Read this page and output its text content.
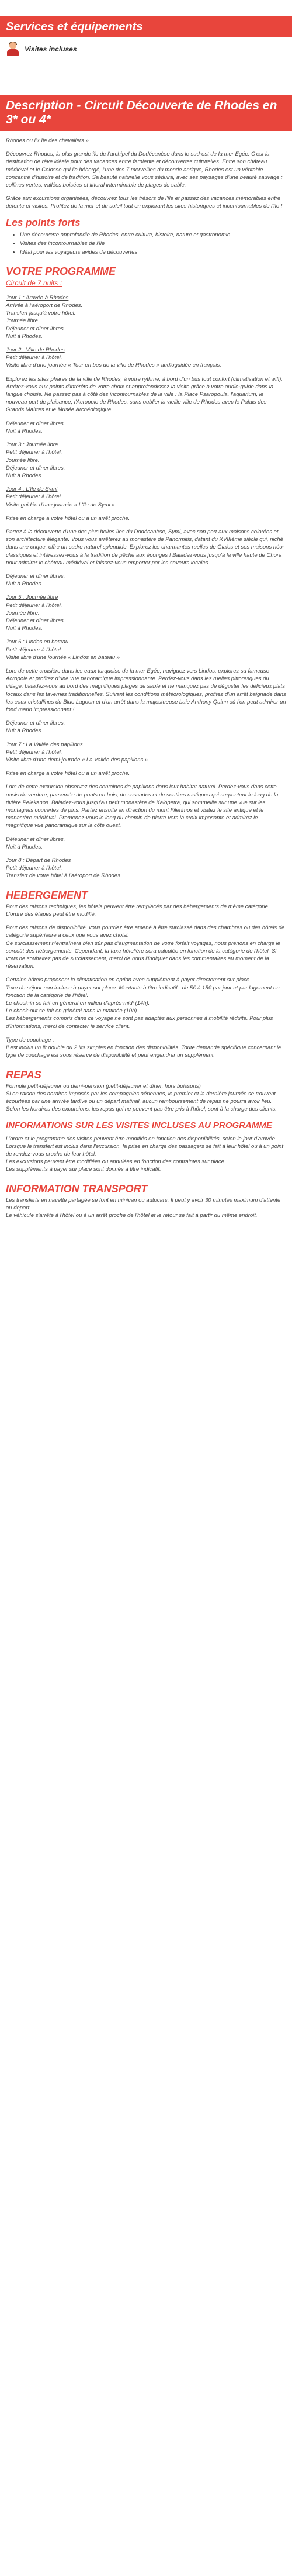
Services et équipements
Visites incluses
Description - Circuit Découverte de Rhodes en 3* ou 4*

Rhodes ou l'« île des chevaliers »

Découvrez Rhodes, la plus grande île de l'archipel du Dodécanèse dans le sud-est de la mer Egée. C'est la destination de rêve idéale pour des vacances entre farniente et découvertes culturelles. Entre son château médiéval et le Colosse qui l'a hébergé, l'une des 7 merveilles du monde antique, Rhodes est un véritable concentré d'histoire et de tradition. Sa beauté naturelle vous séduira, avec ses paysages d'une beauté sauvage : collines vertes, vallées boisées et littoral interminable de plages de sable.

Grâce aux excursions organisées, découvrez tous les trésors de l'île et passez des vacances mémorables entre détente et visites. Profitez de la mer et du soleil tout en explorant les sites historiques et incontournables de l'île !

Les points forts
• Une découverte approfondie de Rhodes, entre culture, histoire, nature et gastronomie
• Visites des incontournables de l'île
• Idéal pour les voyageurs avides de découvertes
VOTRE PROGRAMME
Circuit de 7 nuits :
Jour 1 : Arrivée à Rhodes
Arrivée à l'aéroport de Rhodes.
Transfert jusqu'à votre hôtel.
Journée libre.
Déjeuner et dîner libres.
Nuit à Rhodes.
Jour 2 : Ville de Rhodes
Petit déjeuner à l'hôtel.
Visite libre d'une journée « Tour en bus de la ville de Rhodes » audioguidée en français.

Explorez les sites phares de la ville de Rhodes, à votre rythme, à bord d'un bus tout confort (climatisation et wifi). Arrêtez-vous aux points d'intérêts de votre choix et approfondissez la visite grâce à votre audio-guide dans la langue choisie. Ne passez pas à côté des incontournables de la ville : la Place Psaropoula, l'aquarium, le nouveau port de plaisance, l'Acropole de Rhodes, sans oublier la vieille ville de Rhodes avec le Palais des Grands Maîtres et le Musée Archéologique.

Déjeuner et dîner libres.
Nuit à Rhodes.
Jour 3 : Journée libre
Petit déjeuner à l'hôtel.
Journée libre.
Déjeuner et dîner libres.
Nuit à Rhodes.
Jour 4 : L'île de Symi
Petit déjeuner à l'hôtel.
Visite guidée d'une journée « L'île de Symi »

Prise en charge à votre hôtel ou à un arrêt proche.

Partez à la découverte d'une des plus belles îles du Dodécanèse, Symi, avec son port aux maisons colorées et son architecture élégante. Vous vous arrêterez au monastère de Panormitis, datant du XVIIIème siècle qui, niché dans une crique, offre un cadre naturel splendide. Explorez les charmantes ruelles de Gialos et ses maisons néo-classiques et intéressez-vous à la tradition de pêche aux éponges ! Baladez-vous jusqu'à la ville haute de Chora pour admirer le château médiéval et laissez-vous emporter par les saveurs locales.

Déjeuner et dîner libres.
Nuit à Rhodes.
Jour 5 : Journée libre
Petit déjeuner à l'hôtel.
Journée libre.
Déjeuner et dîner libres.
Nuit à Rhodes.
Jour 6 : Lindos en bateau
Petit déjeuner à l'hôtel.
Visite libre d'une journée « Lindos en bateau »

Lors de cette croisière dans les eaux turquoise de la mer Egée, naviguez vers Lindos, explorez sa fameuse Acropole et profitez d'une vue panoramique impressionnante. Perdez-vous dans les ruelles pittoresques du village, baladez-vous au bord des magnifiques plages de sable et ne manquez pas de déguster les délicieux plats locaux dans les tavernes traditionnelles. Suivant les conditions météorologiques, profitez d'un arrêt baignade dans les eaux cristallines du Blue Lagoon et d'un arrêt dans la majestueuse baie Anthony Quinn où l'on peut admirer un fond marin impressionnant !

Déjeuner et dîner libres.
Nuit à Rhodes.
Jour 7 : La Vallée des papillons
Petit déjeuner à l'hôtel.
Visite libre d'une demi-journée « La Vallée des papillons »

Prise en charge à votre hôtel ou à un arrêt proche.

Lors de cette excursion observez des centaines de papillons dans leur habitat naturel. Perdez-vous dans cette oasis de verdure, parsemée de ponts en bois, de cascades et de sentiers rustiques qui serpentent le long de la rivière Pelekanos. Baladez-vous jusqu'au petit monastère de Kalopetra, qui sommeille sur une vue sur les montagnes couvertes de pins. Partez ensuite en direction du mont Filerimos et visitez le site antique et le monastère médiéval. Promenez-vous le long du chemin de pierre vers la croix imposante et admirez le magnifique vue panoramique sur la côte ouest.

Déjeuner et dîner libres.
Nuit à Rhodes.
Jour 8 : Départ de Rhodes
Petit déjeuner à l'hôtel.
Transfert de votre hôtel à l'aéroport de Rhodes.
HEBERGEMENT

Pour des raisons techniques, les hôtels peuvent être remplacés par des hébergements de même catégorie.
L'ordre des étapes peut être modifié.

Pour des raisons de disponibilité, vous pourriez être amené à être surclassé dans des chambres ou des hôtels de catégorie supérieure à ceux que vous avez choisi.
Ce surclassement n'entraînera bien sûr pas d'augmentation de votre forfait voyages, nous prenons en charge le surcoût des hébergements. Cependant, la taxe hôtelière sera calculée en fonction de la catégorie de l'hôtel. Si vous ne souhaitez pas de surclassement, merci de nous l'indiquer dans les commentaires au moment de la réservation.

Certains hôtels proposent la climatisation en option avec supplément à payer directement sur place.
Taxe de séjour non incluse à payer sur place. Montants à titre indicatif : de 5€ à 15€ par jour et par logement en fonction de la catégorie de l'hôtel.
Le check-in se fait en général en milieu d'après-midi (14h).
Le check-out se fait en général dans la matinée (10h).
Les hébergements compris dans ce voyage ne sont pas adaptés aux personnes à mobilité réduite. Pour plus d'informations, merci de contacter le service client.

Type de couchage :
Il est inclus un lit double ou 2 lits simples en fonction des disponibilités. Toute demande spécifique concernant le type de couchage est sous réserve de disponibilité et peut engendrer un supplément.

REPAS

Formule petit-déjeuner ou demi-pension (petit-déjeuner et dîner, hors boissons)
Si en raison des horaires imposés par les compagnies aériennes, le premier et la dernière journée se trouvent écourtées par une arrivée tardive ou un départ matinal, aucun remboursement de repas ne pourra avoir lieu.
Selon les horaires des excursions, les repas qui ne peuvent pas être pris à l'hôtel, sont à la charge des clients.

INFORMATIONS SUR LES VISITES INCLUSES AU PROGRAMME

L'ordre et le programme des visites peuvent être modifiés en fonction des disponibilités, selon le jour d'arrivée.
Lorsque le transfert est inclus dans l'excursion, la prise en charge des passagers se fait à leur hôtel ou à un point de rendez-vous proche de leur hôtel.
Les excursions peuvent être modifiées ou annulées en fonction des contraintes sur place.
Les suppléments à payer sur place sont donnés à titre indicatif.

INFORMATION TRANSPORT

Les transferts en navette partagée se font en minivan ou autocars. Il peut y avoir 30 minutes maximum d'attente au départ.
Le véhicule s'arrête à l'hôtel ou à un arrêt proche de l'hôtel et le retour se fait à partir du même endroit.
